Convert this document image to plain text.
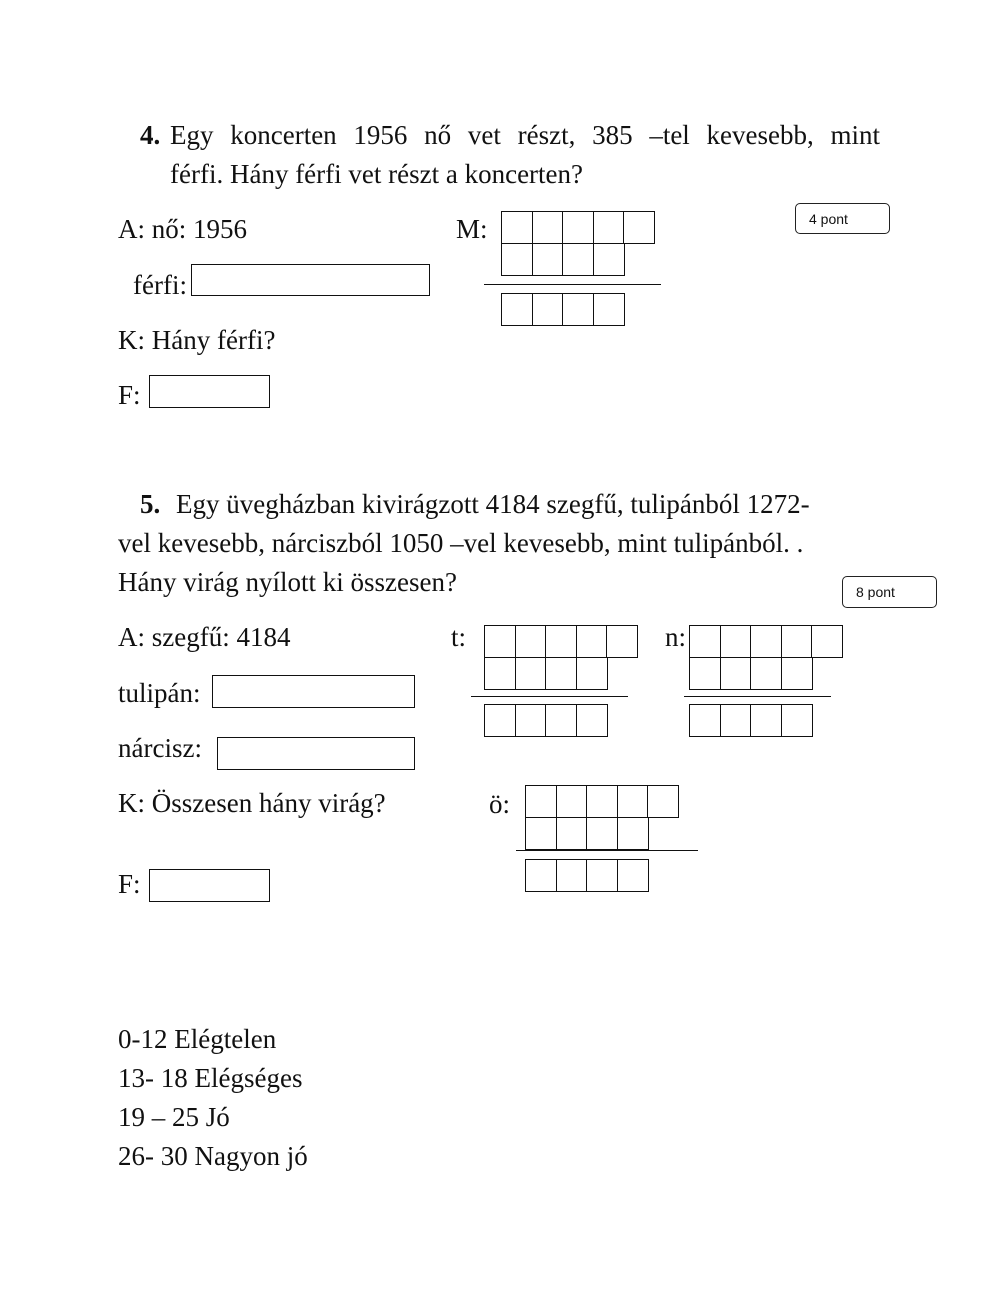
4. Egy koncerten 1956 nő vet részt, 385 –tel kevesebb, mint
férfi. Hány férfi vet részt a koncerten?
4 pont
A: nő: 1956
férfi:
K: Hány férfi?
F:
M:
5. Egy üvegházban kivirágzott 4184 szegfű, tulipánból 1272-
vel kevesebb, nárciszból 1050 –vel kevesebb, mint tulipánból. .
Hány virág nyílott ki összesen?	8 pont
A: szegfű: 4184
tulipán:
nárcisz:
K: Összesen hány virág?
F:
t:	n:
ö:
0-12 Elégtelen
13- 18 Elégséges
19 – 25 Jó
26- 30 Nagyon jó
